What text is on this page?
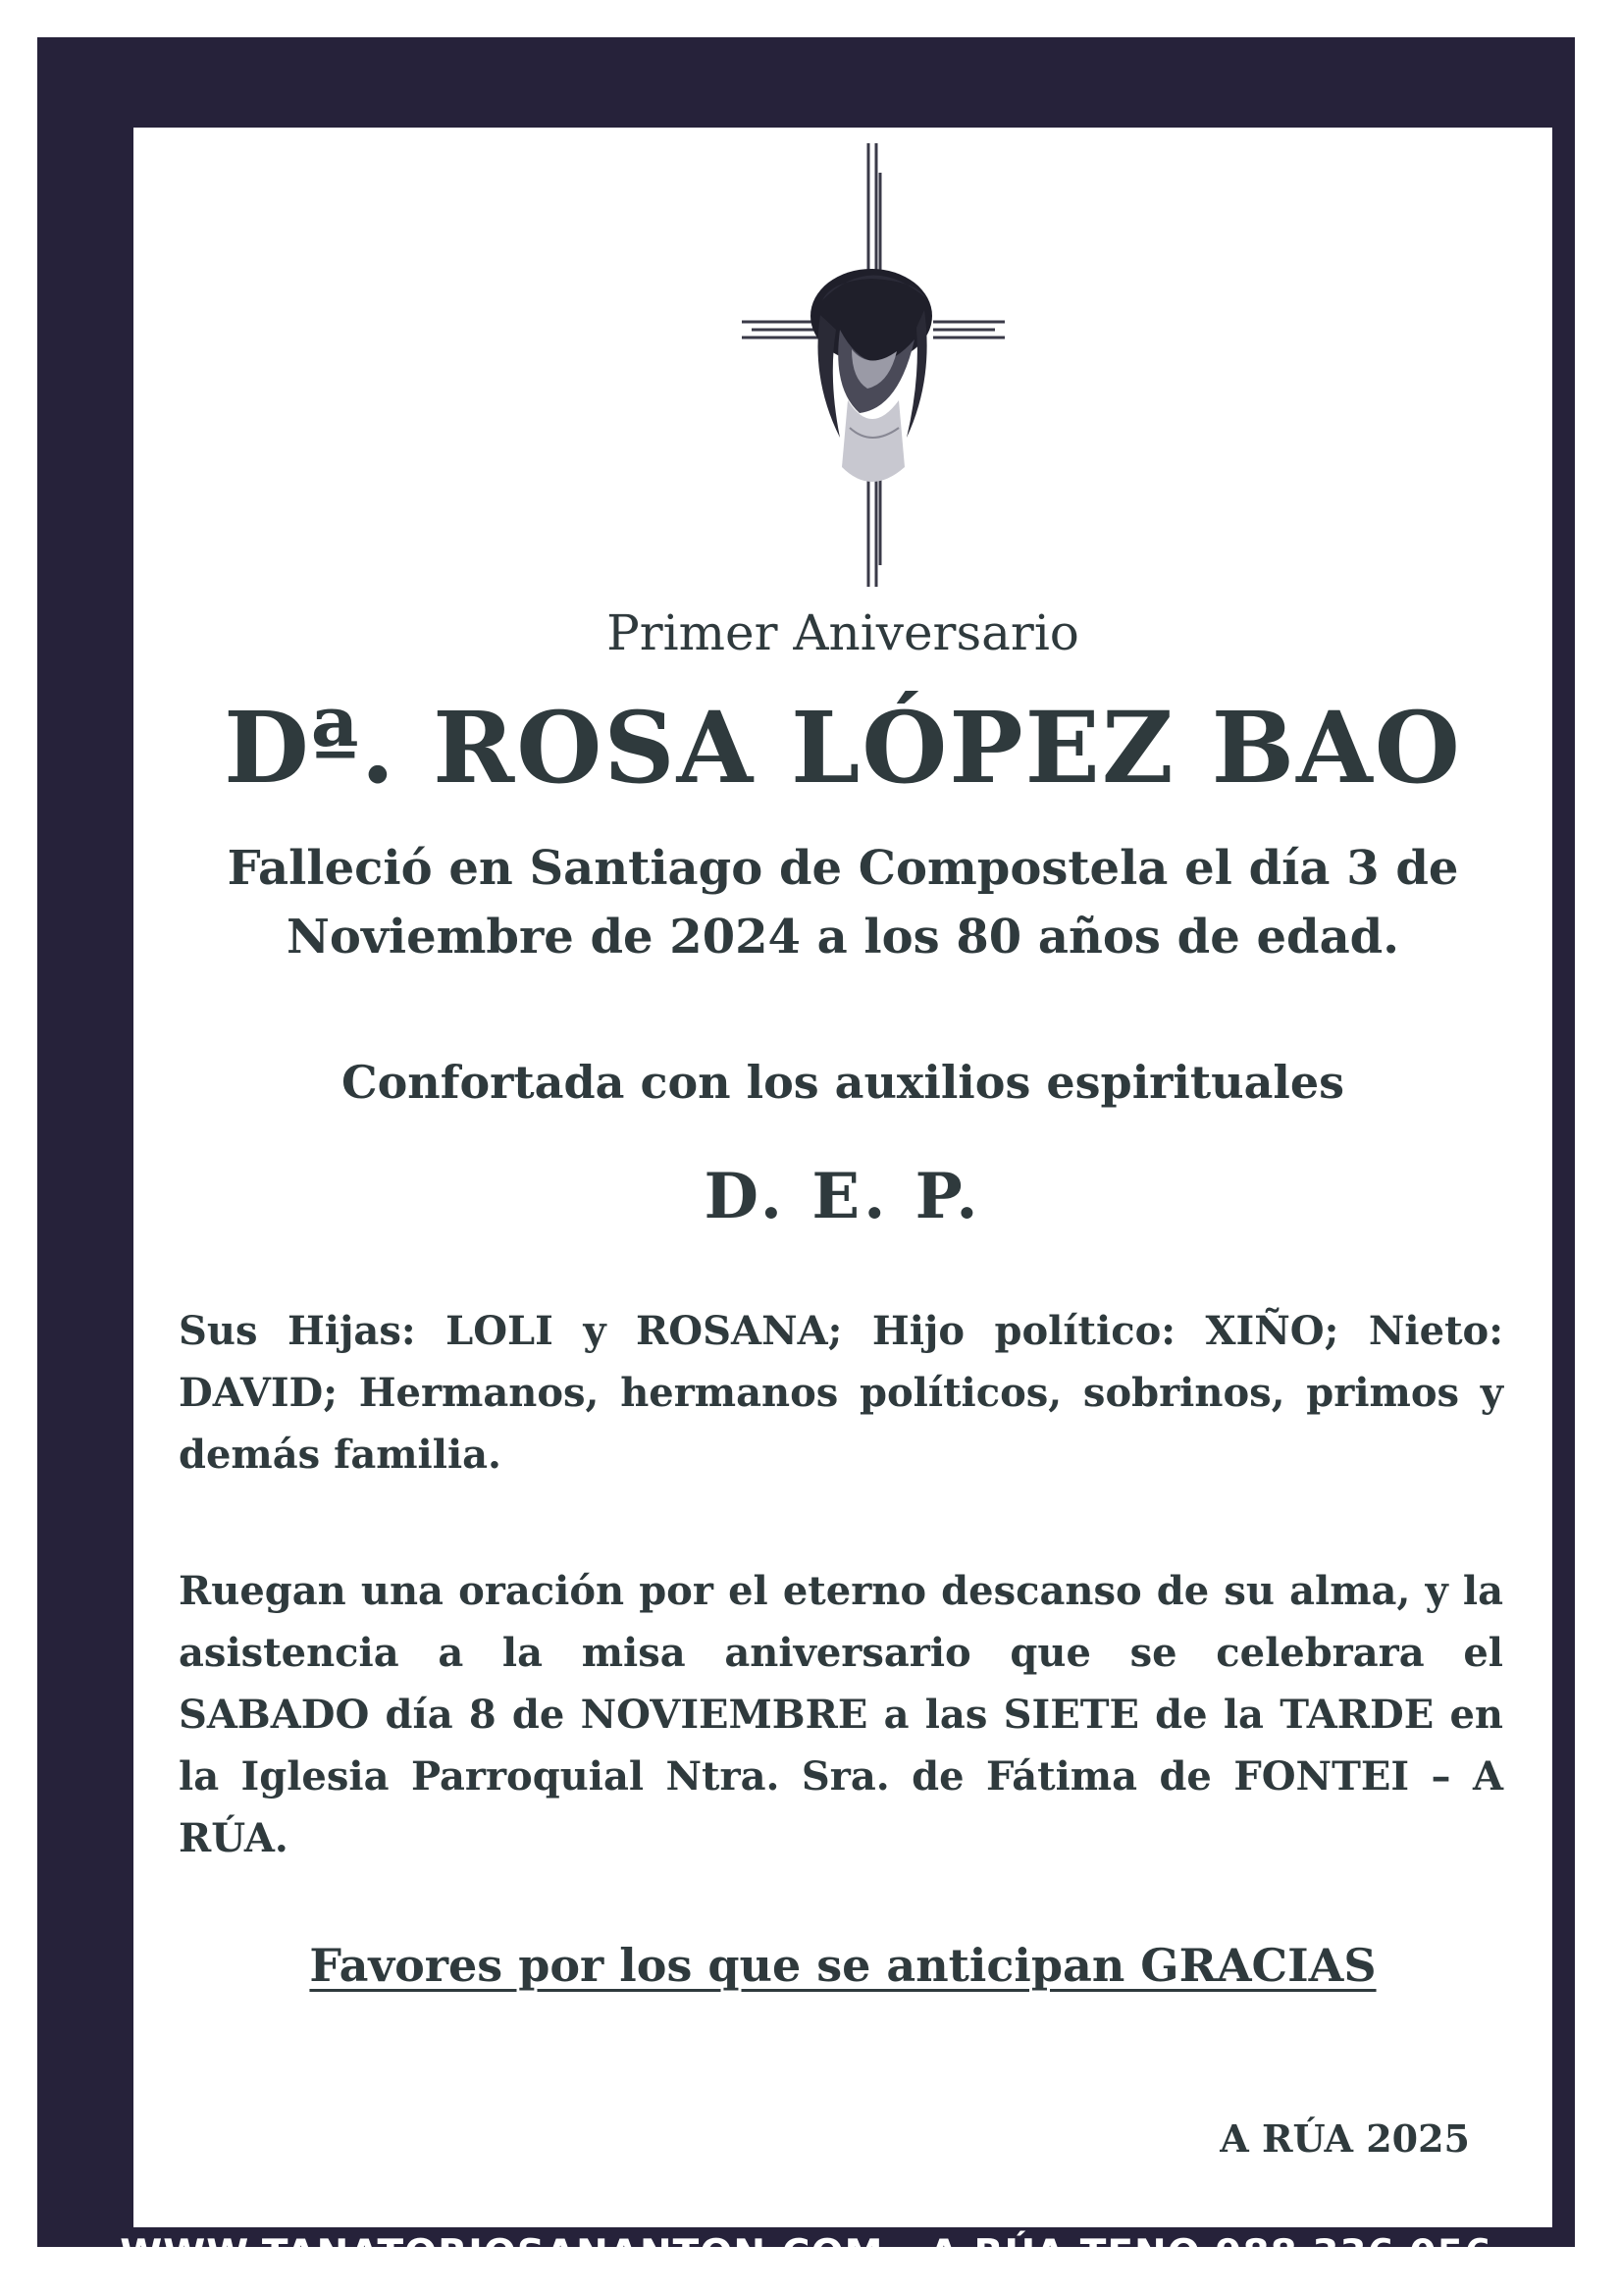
Primer Aniversario
Dª. ROSA LÓPEZ BAO
Falleció en Santiago de Compostela el día 3 de
Noviembre de 2024 a los 80 años de edad.
Confortada con los auxilios espirituales
D. E. P.
Sus Hijas: LOLI y ROSANA; Hijo político: XIÑO; Nieto: DAVID; Hermanos, hermanos políticos, sobrinos, primos y demás familia.
Ruegan una oración por el eterno descanso de su alma, y la asistencia a la misa aniversario que se celebrara el SABADO día 8 de NOVIEMBRE a las SIETE de la TARDE en la Iglesia Parroquial Ntra. Sra. de Fátima de FONTEI – A RÚA.
Favores por los que se anticipan GRACIAS
A RÚA 2025
WWW.TANATORIOSANANTON.COM - A RÚA TFNO 988 336 056
